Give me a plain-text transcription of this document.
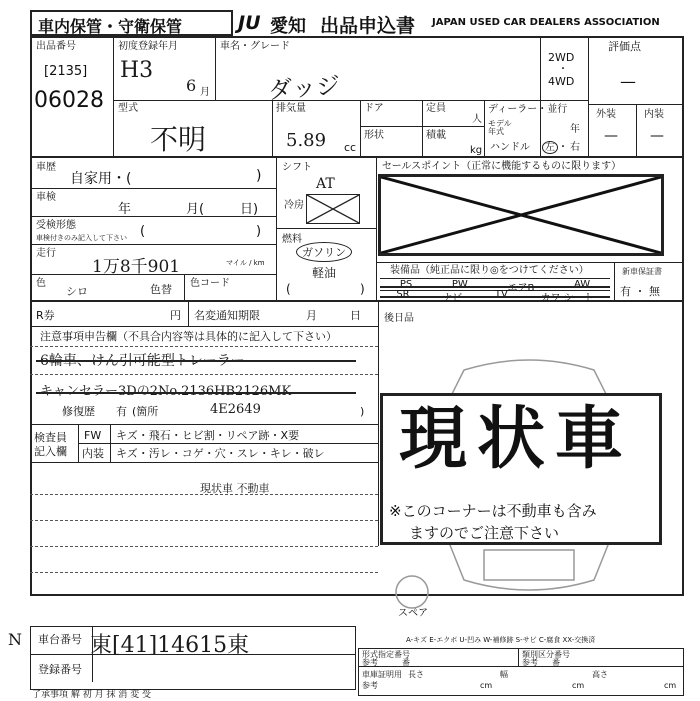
車内保管・守衛保管	JU 愛知 出品申込書 JAPAN USED CAR DEALERS ASSOCIATION
出品番号
[2135]
06028
初度登録年月
H3
6 月
車名・グレード
ダッジ
2WD
・
4WD
評価点
—
外装	内装
— —
型式
不明
排気量
5.89 cc
ドア	定員
人
形状	積載
kg
ディーラー・並行
モデル
年式	年
ハンドル	左 ・ 右
車歴
自家用・(	)
車検
年	月(	日)
受検形態
車検付きのみ記入して下さい (	)
走行
1万8千901	マイル / km
色
シロ	色替 色コード
シフト
AT
冷房
燃料
ガソリン
軽油
(	)
セールスポイント（正常に機能するものに限ります）
装備品（純正品に限り◎をつけてください）
PS	PW	エアB	AW
SR	ナビ	TV	カワ シート
新車保証書
有 ・ 無
R券	円 名変通知期限	月	日 後日品
注意事項申告欄（不具合内容等は具体的に記入して下さい）
6輪車、けん引可能型トレーラー
キャンセラー3Dの2No.2136HB2126MK
修復歴 有 (箇所	4E2649	)
検査員
記入欄
FW キズ・飛石・ヒビ割・リペア跡・X要
内装 キズ・汚レ・コゲ・穴・スレ・キレ・破レ
現状車 不動車
現状車
※このコーナーは不動車も含み
ますのでご注意下さい
スペア
A-キズ E-エクボ U-凹み W-補修跡 S-サビ C-腐食 XX-交換済
N 車台番号 東[41]14615東
登録番号
了承事項 解 初 月 抹 消 変 受
形式指定番号
番
参考
類別区分番号
番
参考
車庫証明用
参考
長さ	幅	高さ
cm	cm	cm
